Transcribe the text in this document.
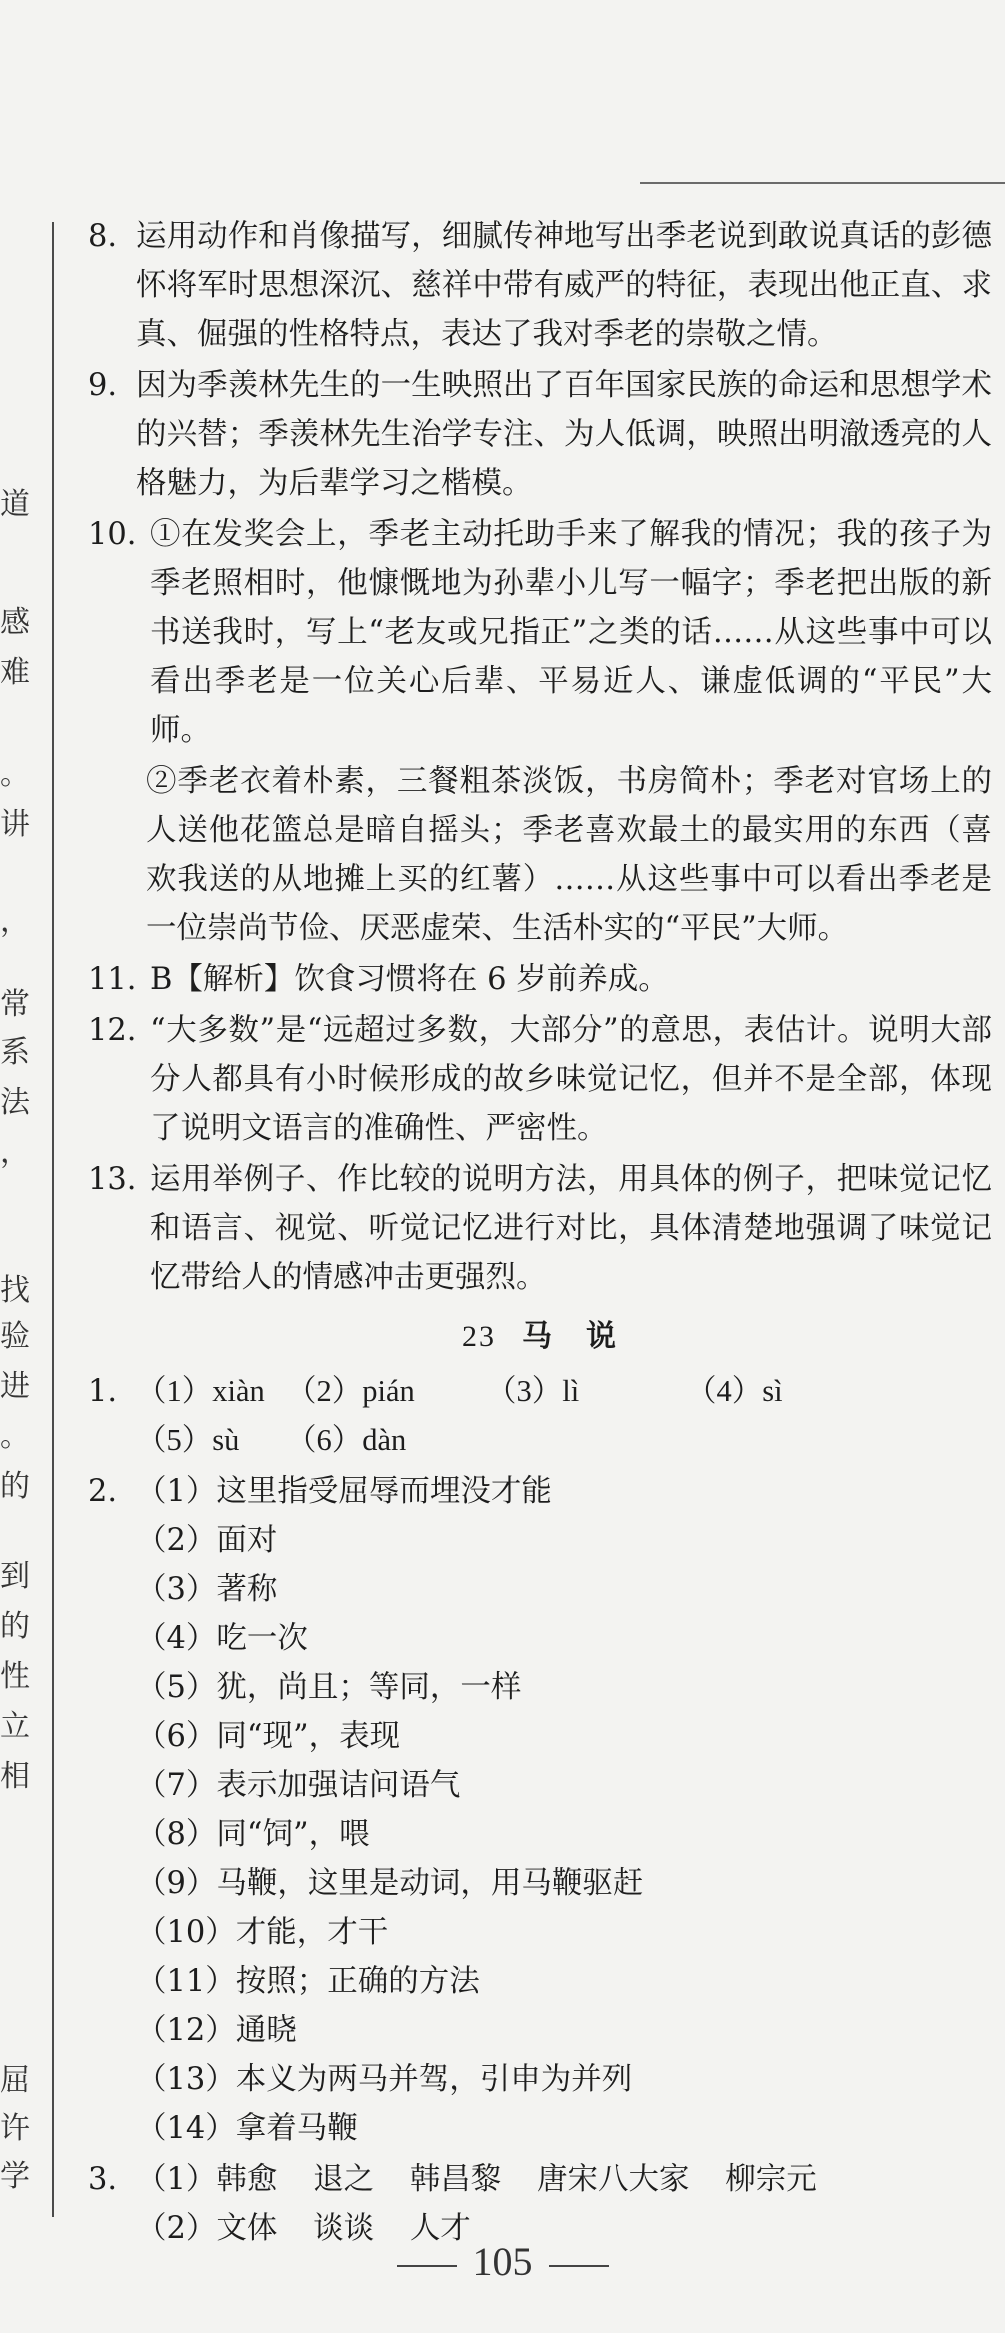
道
感
难
。
讲
，
常
系
法
，
找
验
进
。
的
到
的
性
立
相
屈
许
学
8. 运用动作和肖像描写，细腻传神地写出季老说到敢说真话的彭德怀将军时思想深沉、慈祥中带有威严的特征，表现出他正直、求真、倔强的性格特点，表达了我对季老的崇敬之情。

9. 因为季羡林先生的一生映照出了百年国家民族的命运和思想学术的兴替；季羡林先生治学专注、为人低调，映照出明澈透亮的人格魅力，为后辈学习之楷模。

10. ①在发奖会上，季老主动托助手来了解我的情况；我的孩子为季老照相时，他慷慨地为孙辈小儿写一幅字；季老把出版的新书送我时，写上“老友或兄指正”之类的话……从这些事中可以看出季老是一位关心后辈、平易近人、谦虚低调的“平民”大师。

②季老衣着朴素，三餐粗茶淡饭，书房简朴；季老对官场上的人送他花篮总是暗自摇头；季老喜欢最土的最实用的东西（喜欢我送的从地摊上买的红薯）……从这些事中可以看出季老是一位崇尚节俭、厌恶虚荣、生活朴实的“平民”大师。

11. B【解析】饮食习惯将在 6 岁前养成。

12. “大多数”是“远超过多数，大部分”的意思，表估计。说明大部分人都具有小时候形成的故乡味觉记忆，但并不是全部，体现了说明文语言的准确性、严密性。

13. 运用举例子、作比较的说明方法，用具体的例子，把味觉记忆和语言、视觉、听觉记忆进行对比，具体清楚地强调了味觉记忆带给人的情感冲击更强烈。

23 马　说
1. （1）xiàn （2）pián	（3）lì	（4）sì
（5）sù	（6）dàn
2. （1）这里指受屈辱而埋没才能
（2）面对
（3）著称
（4）吃一次
（5）犹，尚且；等同，一样
（6）同“现”，表现
（7）表示加强诘问语气
（8）同“饲”，喂
（9）马鞭，这里是动词，用马鞭驱赶
（10）才能，才干
（11）按照；正确的方法
（12）通晓
（13）本义为两马并驾，引申为并列
（14）拿着马鞭
3. （1）韩愈 退之 韩昌黎 唐宋八大家 柳宗元
（2）文体 谈谈 人才
105
